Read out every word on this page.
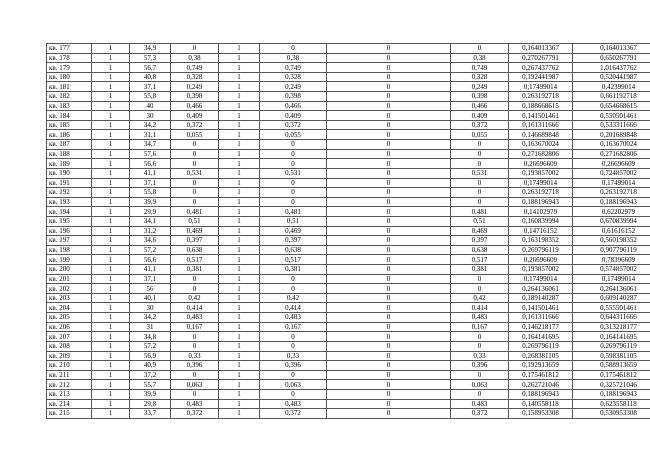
кв. 177	1	34,9	0	1	0	0	0	0,164013367	0,164013367
кв. 178	1	57,3	0,38	1	0,38	0	0,38	0,270267791	0,650267791
кв. 179	1	56,7	0,749	1	0,749	0	0,749	0,267437762	1,016437762
кв. 180	1	40,8	0,328	1	0,328	0	0,328	0,192441987	0,520441987
кв. 181	1	37,1	0,249	1	0,249	0	0,249	0,17499014	0,42399014
кв. 182	1	55,8	0,398	1	0,398	0	0,398	0,263192718	0,661192718
кв. 183	1	40	0,466	1	0,466	0	0,466	0,188668615	0,654668615
кв. 184	1	30	0,409	1	0,409	0	0,409	0,141501461	0,550501461
кв. 185	1	34,2	0,372	1	0,372	0	0,372	0,161311666	0,533311666
кв. 186	1	31,1	0,055	1	0,055	0	0,055	0,146689848	0,201689848
кв. 187	1	34,7	0	1	0	0	0	0,163670024	0,163670024
кв. 188	1	57,6	0	1	0	0	0	0,271682806	0,271682806
кв. 189	1	56,6	0	1	0	0	0	0,26696609	0,26696609
кв. 190	1	41,1	0,531	1	0,531	0	0,531	0,193857002	0,724857002
кв. 191	1	37,1	0	1	0	0	0	0,17499014	0,17499014
кв. 192	1	55,8	0	1	0	0	0	0,263192718	0,263192718
кв. 193	1	39,9	0	1	0	0	0	0,188196943	0,188196943
кв. 194	1	29,9	0,481	1	0,481	0	0,481	0,14102979	0,62202979
кв. 195	1	34,1	0,51	1	0,51	0	0,51	0,160839994	0,670839994
кв. 196	1	31,2	0,469	1	0,469	0	0,469	0,14716152	0,61616152
кв. 197	1	34,6	0,397	1	0,397	0	0,397	0,163198352	0,560198352
кв. 198	1	57,2	0,638	1	0,638	0	0,638	0,269796119	0,907796119
кв. 199	1	56,6	0,517	1	0,517	0	0,517	0,26696609	0,78396609
кв. 200	1	41,1	0,381	1	0,381	0	0,381	0,193857002	0,574857002
кв. 201	1	37,1	0	1	0	0	0	0,17499014	0,17499014
кв. 202	1	56	0	1	0	0	0	0,264136061	0,264136061
кв. 203	1	40,1	0,42	1	0,42	0	0,42	0,189140287	0,609140287
кв. 204	1	30	0,414	1	0,414	0	0,414	0,141501461	0,555501461
кв. 205	1	34,2	0,483	1	0,483	0	0,483	0,161311666	0,644311666
кв. 206	1	31	0,167	1	0,167	0	0,167	0,146218177	0,313218177
кв. 207	1	34,8	0	1	0	0	0	0,164141695	0,164141695
кв. 208	1	57,2	0	1	0	0	0	0,269796119	0,269796119
кв. 209	1	56,9	0,33	1	0,33	0	0,33	0,268381105	0,598381105
кв. 210	1	40,9	0,396	1	0,396	0	0,396	0,192913659	0,588913659
кв. 211	1	37,2	0	1	0	0	0	0,175461812	0,175461812
кв. 212	1	55,7	0,063	1	0,063	0	0,063	0,262721046	0,325721046
кв. 213	1	39,9	0	1	0	0	0	0,188196943	0,188196943
кв. 214	1	29,8	0,483	1	0,483	0	0,483	0,140558118	0,623558118
кв. 215	1	33,7	0,372	1	0,372	0	0,372	0,158953308	0,530953308
